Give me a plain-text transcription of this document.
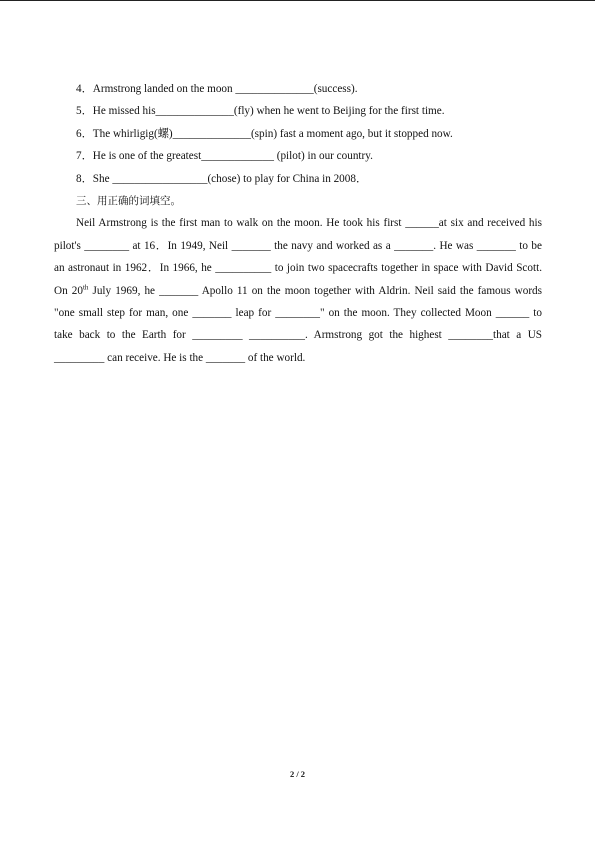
4．Armstrong landed on the moon ______________(success).
5．He missed his______________(fly) when he went to Beijing for the first time.
6．The whirligig(螺)______________(spin) fast a moment ago, but it stopped now.
7．He is one of the greatest_____________ (pilot) in our country.
8．She _________________(chose) to play for China in 2008．
三、用正确的词填空。

Neil Armstrong is the first man to walk on the moon. He took his first ______at six and received his pilot's ________ at 16．In 1949, Neil _______ the navy and worked as a _______. He was _______ to be an astronaut in 1962．In 1966, he __________ to join two spacecrafts together in space with David Scott. On 20th July 1969, he _______ Apollo 11 on the moon together with Aldrin. Neil said the famous words "one small step for man, one _______ leap for ________" on the moon. They collected Moon ______ to take back to the Earth for _________ __________. Armstrong got the highest ________that a US _________ can receive. He is the _______ of the world.

2 / 2
